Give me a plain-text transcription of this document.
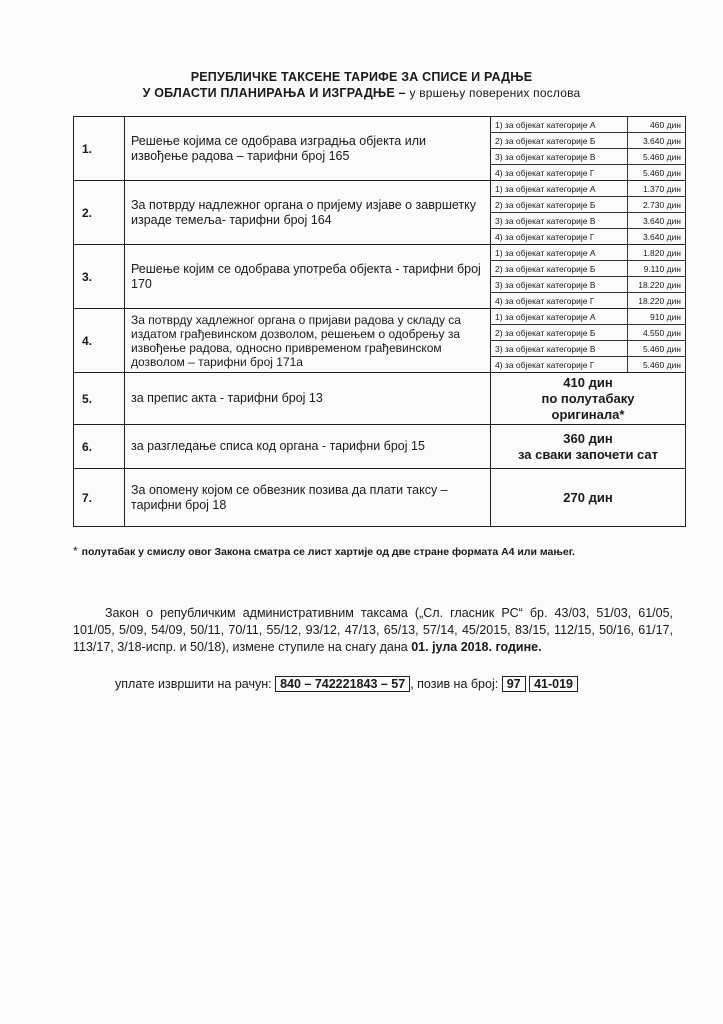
РЕПУБЛИЧКЕ ТАКСЕНЕ ТАРИФЕ ЗА СПИСЕ И РАДЊЕ
У ОБЛАСТИ ПЛАНИРАЊА И ИЗГРАДЊЕ – у вршењу поверених послова
1.	Решење којима се одобрава изградња објекта или извођење радова – тарифни број 165	
1) за објекат категорије А	460 дин
2) за објекат категорије Б	3.640 дин
3) за објекат категорије В	5.460 дин
4) за објекат категорије Г	5.460 дин

2.	За потврду надлежног органа о пријему изјаве о завршетку израде темеља- тарифни број 164	
1) за објекат категорије А	1.370 дин
2) за објекат категорије Б	2.730 дин
3) за објекат категорије В	3.640 дин
4) за објекат категорије Г	3.640 дин

3.	Решење којим се одобрава употреба објекта - тарифни број 170	
1) за објекат категорије А	1.820 дин
2) за објекат категорије Б	9.110 дин
3) за објекат категорије В	18.220 дин
4) за објекат категорије Г	18.220 дин

4.	За потврду хадлежног органа о пријави радова у складу са издатом грађевинском дозволом, решењем о одобрењу за извођење радова, односно привременом грађевинском дозволом – тарифни број 171а	
1) за објекат категорије А	910 дин
2) за објекат категорије Б	4.550 дин
3) за објекат категорије В	5.460 дин
4) за објекат категорије Г	5.460 дин

5.	за препис акта - тарифни број 13	
410 дин
по полутабаку
оригинала*

6.	за разгледање списа код органа - тарифни број 15	
360 дин
за сваки започети сат

7.	За опомену којом се обвезник позива да плати таксу – тарифни број 18	270 дин
* полутабак у смислу овог Закона сматра се лист хартије од две стране формата А4 или мањег.
Закон о републичким административним таксама („Сл. гласник РС“ бр. 43/03, 51/03, 61/05, 101/05, 5/09, 54/09, 50/11, 70/11, 55/12, 93/12, 47/13, 65/13, 57/14, 45/2015, 83/15, 112/15, 50/16, 61/17, 113/17, 3/18-испр. и 50/18), измене ступиле на снагу дана 01. јула 2018. године.
уплате извршити на рачун: 840 – 742221843 – 57 , позив на број: 97 41-019
